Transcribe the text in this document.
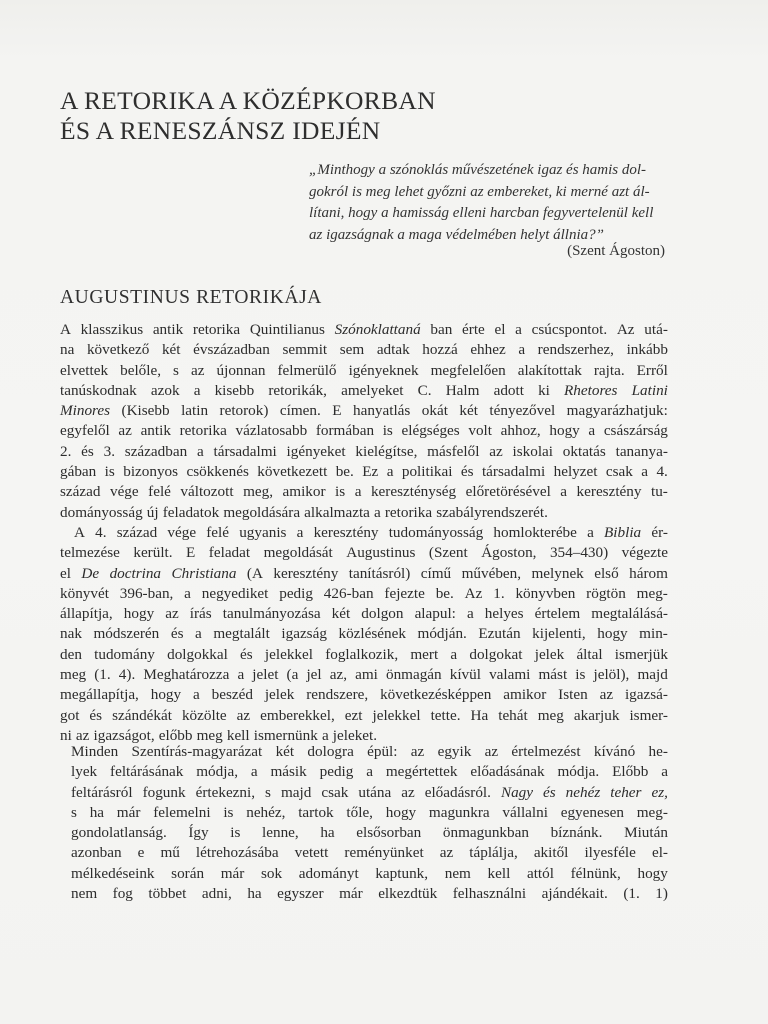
A RETORIKA A KÖZÉPKORBAN
ÉS A RENESZÁNSZ IDEJÉN
„Minthogy a szónoklás művészetének igaz és hamis dol-
gokról is meg lehet győzni az embereket, ki merné azt ál-
lítani, hogy a hamisság elleni harcban fegyvertelenül kell
az igazságnak a maga védelmében helyt állnia?”
(Szent Ágoston)
AUGUSTINUS RETORIKÁJA
A klasszikus antik retorika Quintilianus Szónoklattaná ban érte el a csúcspontot. Az utá-
na következő két évszázadban semmit sem adtak hozzá ehhez a rendszerhez, inkább
elvettek belőle, s az újonnan felmerülő igényeknek megfelelően alakítottak rajta. Erről
tanúskodnak azok a kisebb retorikák, amelyeket C. Halm adott ki Rhetores Latini
Minores (Kisebb latin retorok) címen. E hanyatlás okát két tényezővel magyarázhatjuk:
egyfelől az antik retorika vázlatosabb formában is elégséges volt ahhoz, hogy a császárság
2. és 3. században a társadalmi igényeket kielégítse, másfelől az iskolai oktatás tananya-
gában is bizonyos csökkenés következett be. Ez a politikai és társadalmi helyzet csak a 4.
század vége felé változott meg, amikor is a kereszténység előretörésével a keresztény tu-
dományosság új feladatok megoldására alkalmazta a retorika szabályrendszerét.
A 4. század vége felé ugyanis a keresztény tudományosság homlokterébe a Biblia ér-
telmezése került. E feladat megoldását Augustinus (Szent Ágoston, 354–430) végezte
el De doctrina Christiana (A keresztény tanításról) című művében, melynek első három
könyvét 396-ban, a negyediket pedig 426-ban fejezte be. Az 1. könyvben rögtön meg-
állapítja, hogy az írás tanulmányozása két dolgon alapul: a helyes értelem megtalálásá-
nak módszerén és a megtalált igazság közlésének módján. Ezután kijelenti, hogy min-
den tudomány dolgokkal és jelekkel foglalkozik, mert a dolgokat jelek által ismerjük
meg (1. 4). Meghatározza a jelet (a jel az, ami önmagán kívül valami mást is jelöl), majd
megállapítja, hogy a beszéd jelek rendszere, következésképpen amikor Isten az igazsá-
got és szándékát közölte az emberekkel, ezt jelekkel tette. Ha tehát meg akarjuk ismer-
ni az igazságot, előbb meg kell ismernünk a jeleket.
Minden Szentírás-magyarázat két dologra épül: az egyik az értelmezést kívánó he-
lyek feltárásának módja, a másik pedig a megértettek előadásának módja. Előbb a
feltárásról fogunk értekezni, s majd csak utána az előadásról. Nagy és nehéz teher ez,
s ha már felemelni is nehéz, tartok tőle, hogy magunkra vállalni egyenesen meg-
gondolatlanság. Így is lenne, ha elsősorban önmagunkban bíznánk. Miután
azonban e mű létrehozásába vetett reményünket az táplálja, akitől ilyesféle el-
mélkedéseink során már sok adományt kaptunk, nem kell attól félnünk, hogy
nem fog többet adni, ha egyszer már elkezdtük felhasználni ajándékait. (1. 1)
